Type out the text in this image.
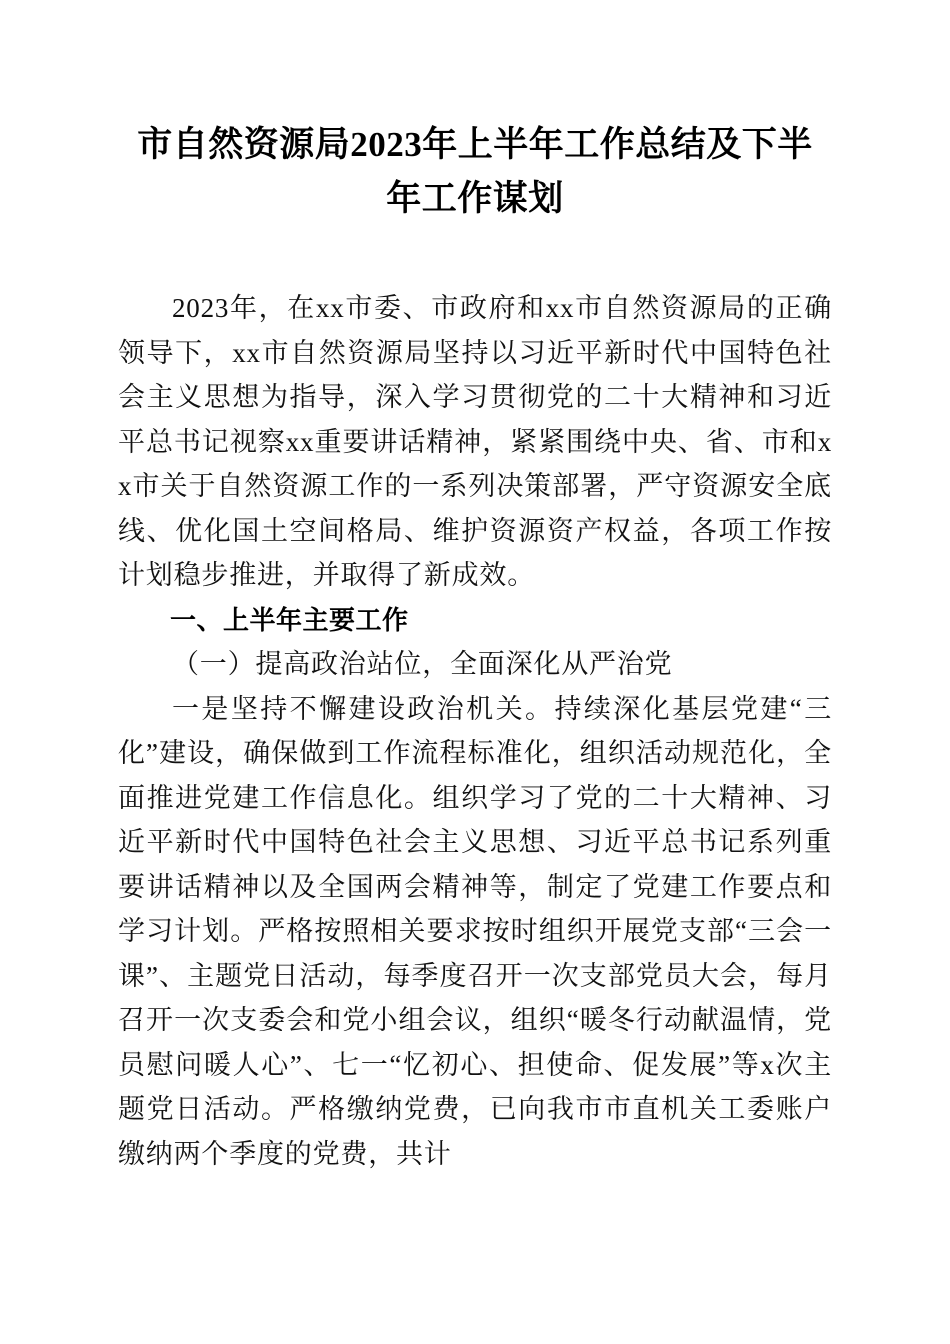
市自然资源局2023年上半年工作总结及下半年工作谋划

2023年，在xx市委、市政府和xx市自然资源局的正确领导下，xx市自然资源局坚持以习近平新时代中国特色社会主义思想为指导，深入学习贯彻党的二十大精神和习近平总书记视察xx重要讲话精神，紧紧围绕中央、省、市和xx市关于自然资源工作的一系列决策部署，严守资源安全底线、优化国土空间格局、维护资源资产权益，各项工作按计划稳步推进，并取得了新成效。

一、上半年主要工作

（一）提高政治站位，全面深化从严治党

一是坚持不懈建设政治机关。持续深化基层党建“三化”建设，确保做到工作流程标准化，组织活动规范化，全面推进党建工作信息化。组织学习了党的二十大精神、习近平新时代中国特色社会主义思想、习近平总书记系列重要讲话精神以及全国两会精神等，制定了党建工作要点和学习计划。严格按照相关要求按时组织开展党支部“三会一课”、主题党日活动，每季度召开一次支部党员大会，每月召开一次支委会和党小组会议，组织“暖冬行动献温情，党员慰问暖人心”、七一“忆初心、担使命、促发展”等x次主题党日活动。严格缴纳党费，已向我市市直机关工委账户缴纳两个季度的党费，共计
